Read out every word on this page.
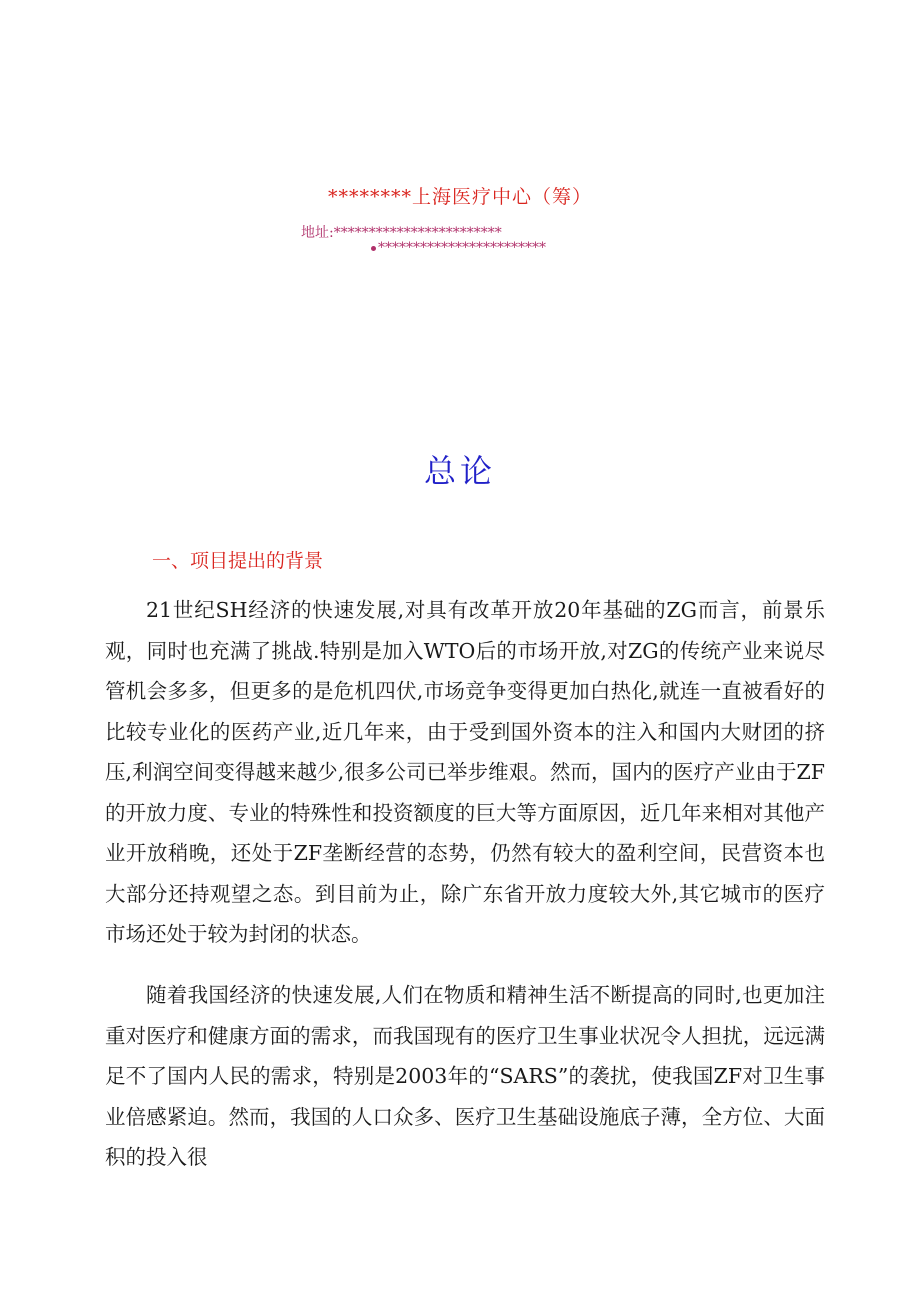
********上海医疗中心（筹）
地址:************************
************************
总论
一、项目提出的背景

21世纪SH经济的快速发展,对具有改革开放20年基础的ZG而言，前景乐观，同时也充满了挑战.特别是加入WTO后的市场开放,对ZG的传统产业来说尽管机会多多，但更多的是危机四伏,市场竞争变得更加白热化,就连一直被看好的比较专业化的医药产业,近几年来，由于受到国外资本的注入和国内大财团的挤压,利润空间变得越来越少,很多公司已举步维艰。然而，国内的医疗产业由于ZF的开放力度、专业的特殊性和投资额度的巨大等方面原因，近几年来相对其他产业开放稍晚，还处于ZF垄断经营的态势，仍然有较大的盈利空间，民营资本也大部分还持观望之态。到目前为止，除广东省开放力度较大外,其它城市的医疗市场还处于较为封闭的状态。

随着我国经济的快速发展,人们在物质和精神生活不断提高的同时,也更加注重对医疗和健康方面的需求，而我国现有的医疗卫生事业状况令人担扰，远远满足不了国内人民的需求，特别是2003年的“SARS”的袭扰，使我国ZF对卫生事业倍感紧迫。然而，我国的人口众多、医疗卫生基础设施底子薄，全方位、大面积的投入很
